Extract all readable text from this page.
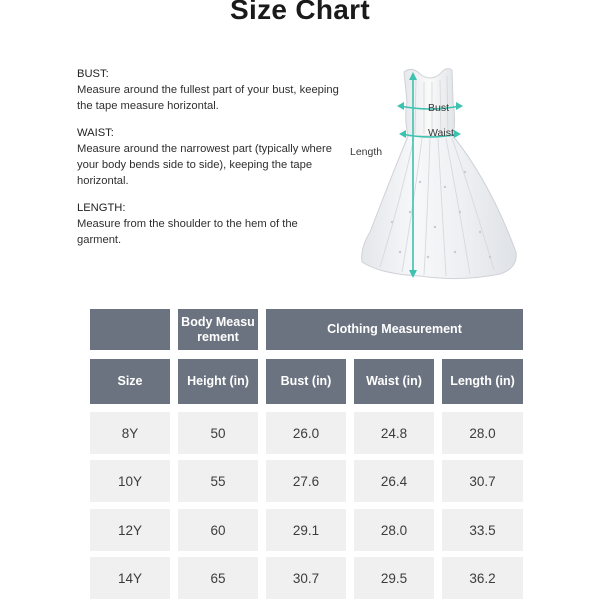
Size Chart
BUST:
Measure around the fullest part of your bust, keeping the tape measure horizontal.
WAIST:
Measure around the narrowest part (typically where your body bends side to side), keeping the tape horizontal.
LENGTH:
Measure from the shoulder to the hem of the garment.
Bust
Waist
Length
Body Measurement
Clothing Measurement
Size	Height (in)	Bust (in)	Waist (in)	Length (in)
8Y	50	26.0	24.8	28.0
10Y	55	27.6	26.4	30.7
12Y	60	29.1	28.0	33.5
14Y	65	30.7	29.5	36.2
